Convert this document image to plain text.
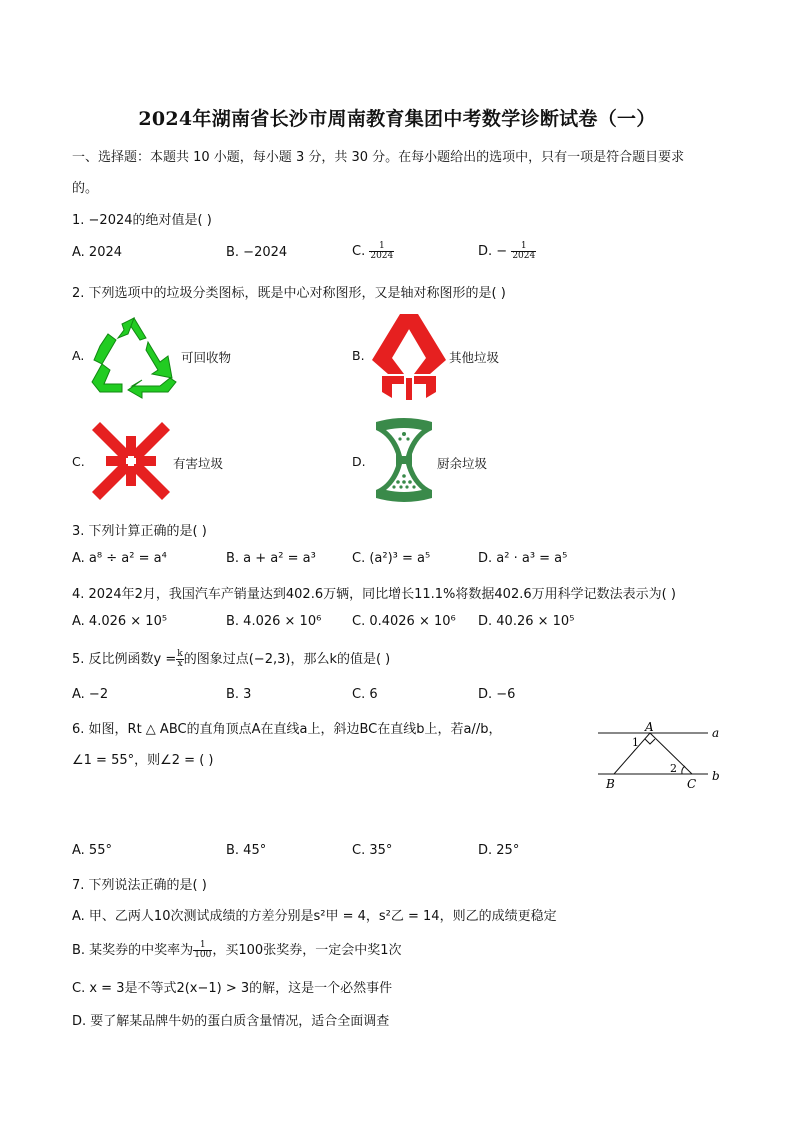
2024年湖南省长沙市周南教育集团中考数学诊断试卷（一）
一、选择题：本题共 10 小题，每小题 3 分，共 30 分。在每小题给出的选项中，只有一项是符合题目要求
的。
1. −2024的绝对值是( )
A. 2024	B. −2024	C. $\frac{1}{2024}$	D. − $\frac{1}{2024}$
2. 下列选项中的垃圾分类图标，既是中心对称图形，又是轴对称图形的是( )
A.	可回收物	B.	其他垃圾
C.	有害垃圾	D.	厨余垃圾
3. 下列计算正确的是( )
A. a⁸ ÷ a² = a⁴	B. a + a² = a³	C. (a²)³ = a⁵	D. a² · a³ = a⁵
4. 2024年2月，我国汽车产销量达到402.6万辆，同比增长11.1%将数据402.6万用科学记数法表示为( )
A. 4.026 × 10⁵	B. 4.026 × 10⁶ C. 0.4026 × 10⁶ D. 40.26 × 10⁵
5. 反比例函数$y = \frac{k}{x}$ 的图象过点(−2,3)，那么k的值是( )
A. −2	B. 3	C. 6	D. −6
6. 如图，Rt △ ABC的直角顶点A在直线a上，斜边BC在直线b上，若a//b，
∠1 = 55°，则∠2 = ( )
A	a
b
B	C
1
2
A. 55°	B. 45°	C. 35°	D. 25°
7. 下列说法正确的是( )
A. 甲、乙两人10次测试成绩的方差分别是s²甲 = 4，s²乙 = 14，则乙的成绩更稳定
B. 某奖券的中奖率为 $\frac{1}{100}$ ，买100张奖券，一定会中奖1次
C. x = 3是不等式2(x−1) > 3的解，这是一个必然事件
D. 要了解某品牌牛奶的蛋白质含量情况，适合全面调查
